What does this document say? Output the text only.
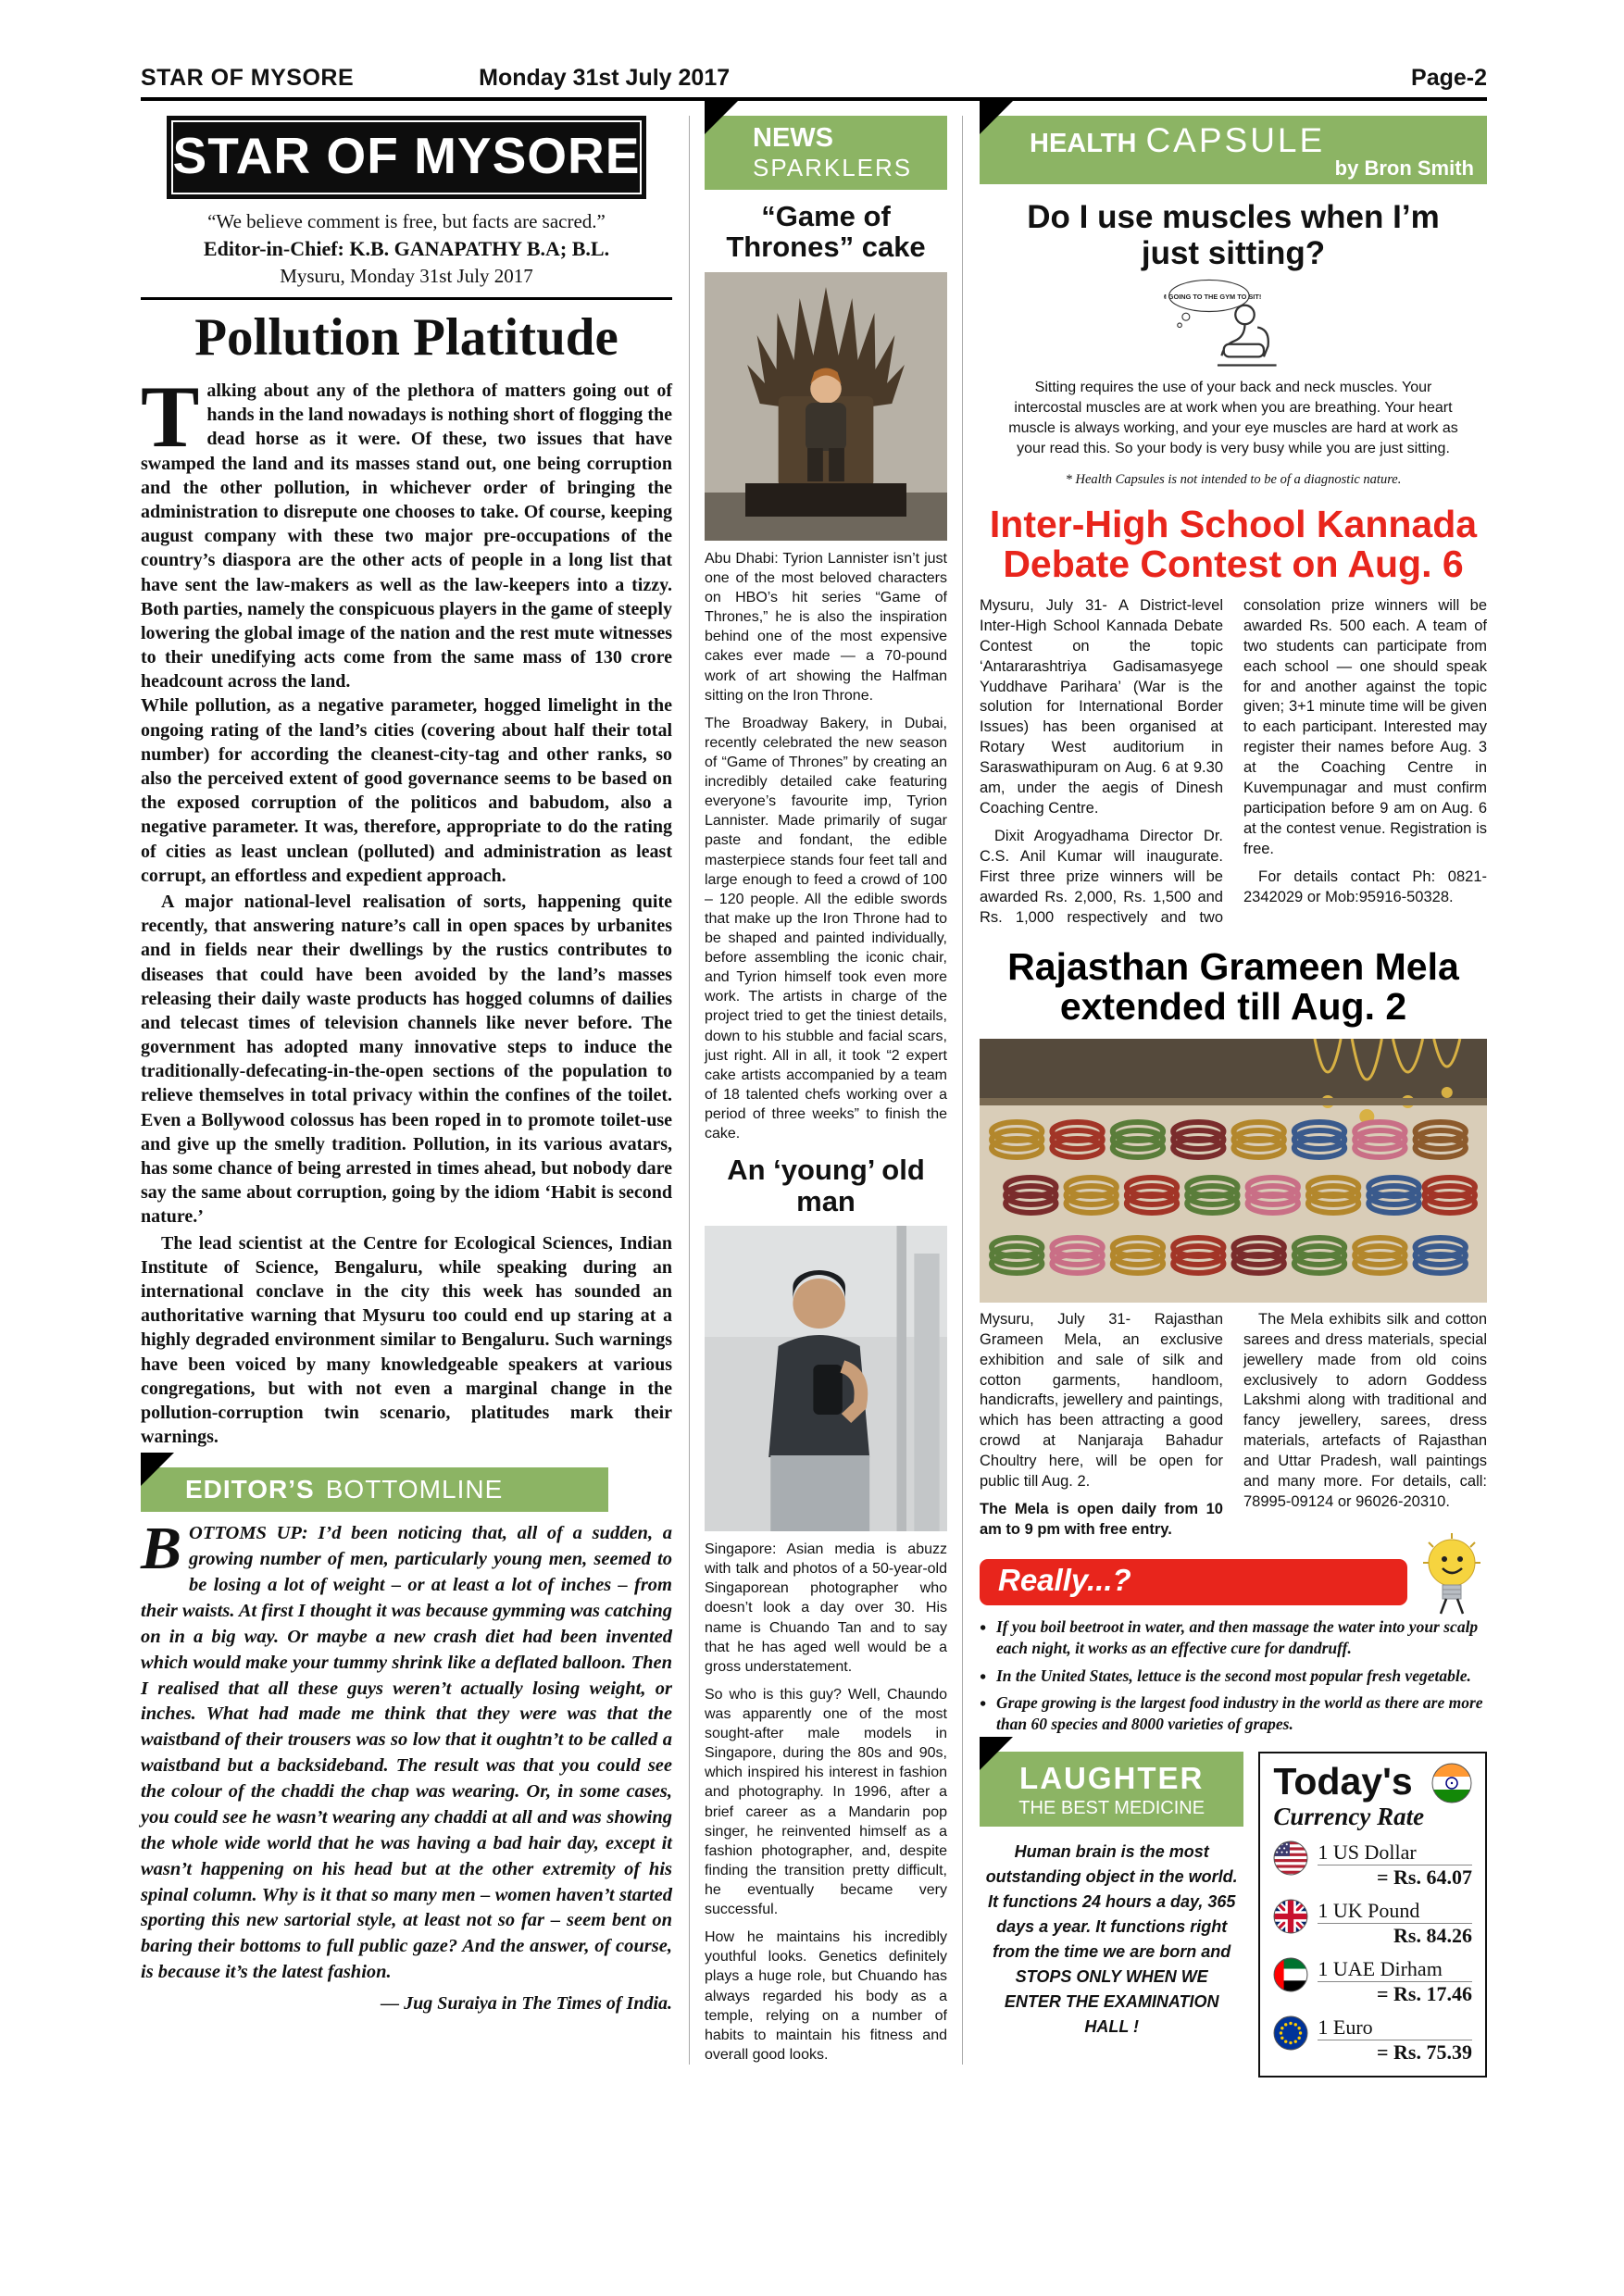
STAR OF MYSORE	Monday 31st July 2017	Page-2
STAR OF MYSORE
“We believe comment is free, but facts are sacred.”
Editor-in-Chief: K.B. GANAPATHY B.A; B.L.
Mysuru, Monday 31st July 2017
Pollution Platitude

Talking about any of the plethora of matters going out of hands in the land nowadays is nothing short of flogging the dead horse as it were. Of these, two issues that have swamped the land and its masses stand out, one being corruption and the other pollution, in whichever order of bringing the administration to disrepute one chooses to take. Of course, keeping august company with these two major pre-occupations of the country’s diaspora are the other acts of people in a long list that have sent the law-makers as well as the law-keepers into a tizzy. Both parties, namely the conspicuous players in the game of steeply lowering the global image of the nation and the rest mute witnesses to their unedifying acts come from the same mass of 130 crore headcount across the land.

While pollution, as a negative parameter, hogged limelight in the ongoing rating of the land’s cities (covering about half their total number) for according the cleanest-city-tag and other ranks, so also the perceived extent of good governance seems to be based on the exposed corruption of the politicos and babudom, also a negative parameter. It was, therefore, appropriate to do the rating of cities as least unclean (polluted) and administration as least corrupt, an effortless and expedient approach.

A major national-level realisation of sorts, happening quite recently, that answering nature’s call in open spaces by urbanites and in fields near their dwellings by the rustics contributes to diseases that could have been avoided by the land’s masses releasing their daily waste products has hogged columns of dailies and telecast times of television channels like never before. The government has adopted many innovative steps to induce the traditionally-defecating-in-the-open sections of the population to relieve themselves in total privacy within the confines of the toilet. Even a Bollywood colossus has been roped in to promote toilet-use and give up the smelly tradition. Pollution, in its various avatars, has some chance of being arrested in times ahead, but nobody dare say the same about corruption, going by the idiom ‘Habit is second nature.’

The lead scientist at the Centre for Ecological Sciences, Indian Institute of Science, Bengaluru, while speaking during an international conclave in the city this week has sounded an authoritative warning that Mysuru too could end up staring at a highly degraded environment similar to Bengaluru. Such warnings have been voiced by many knowledgeable speakers at various congregations, but with not even a marginal change in the pollution-corruption twin scenario, platitudes mark their warnings.

EDITOR’S BOTTOMLINE

BOTTOMS UP: I’d been noticing that, all of a sudden, a growing number of men, particularly young men, seemed to be losing a lot of weight – or at least a lot of inches – from their waists. At first I thought it was because gymming was catching on in a big way. Or maybe a new crash diet had been invented which would make your tummy shrink like a deflated balloon. Then I realised that all these guys weren’t actually losing weight, or inches. What had made me think that they were was that the waistband of their trousers was so low that it oughtn’t to be called a waistband but a backsideband. The result was that you could see the colour of the chaddi the chap was wearing. Or, in some cases, you could see he wasn’t wearing any chaddi at all and was showing the whole wide world that he was having a bad hair day, except it wasn’t happening on his head but at the other extremity of his spinal column. Why is it that so many men – women haven’t started sporting this new sartorial style, at least not so far – seem bent on baring their bottoms to full public gaze? And the answer, of course, is because it’s the latest fashion.

— Jug Suraiya in The Times of India.
NEWS
SPARKLERS
“Game of Thrones” cake

Abu Dhabi: Tyrion Lannister isn’t just one of the most beloved characters on HBO’s hit series “Game of Thrones,” he is also the inspiration behind one of the most expensive cakes ever made — a 70-pound work of art showing the Halfman sitting on the Iron Throne.

The Broadway Bakery, in Dubai, recently celebrated the new season of “Game of Thrones” by creating an incredibly detailed cake featuring everyone’s favourite imp, Tyrion Lannister. Made primarily of sugar paste and fondant, the edible masterpiece stands four feet tall and large enough to feed a crowd of 100 – 120 people. All the edible swords that make up the Iron Throne had to be shaped and painted individually, before assembling the iconic chair, and Tyrion himself took even more work. The artists in charge of the project tried to get the tiniest details, down to his stubble and facial scars, just right. All in all, it took “2 expert cake artists accompanied by a team of 18 talented chefs working over a period of three weeks” to finish the cake.

An ‘young’ old man

Singapore: Asian media is abuzz with talk and photos of a 50-year-old Singaporean photographer who doesn’t look a day over 30. His name is Chuando Tan and to say that he has aged well would be a gross understatement.

So who is this guy? Well, Chaundo was apparently one of the most sought-after male models in Singapore, during the 80s and 90s, which inspired his interest in fashion and photography. In 1996, after a brief career as a Mandarin pop singer, he reinvented himself as a fashion photographer, and, despite finding the transition pretty difficult, he eventually became very successful.

How he maintains his incredibly youthful looks. Genetics definitely plays a huge role, but Chuando has always regarded his body as a temple, relying on a number of habits to maintain his fitness and overall good looks.

HEALTH CAPSULE
by Bron Smith
Do I use muscles when I’m just sitting?
I’M GOING TO THE GYM TO SIT!

Sitting requires the use of your back and neck muscles. Your intercostal muscles are at work when you are breathing. Your heart muscle is always working, and your eye muscles are hard at work as your read this. So your body is very busy while you are just sitting.

* Health Capsules is not intended to be of a diagnostic nature.

Inter-High School Kannada Debate Contest on Aug. 6

Mysuru, July 31- A District-level Inter-High School Kannada Debate Contest on the topic ‘Antararashtriya Gadisamasyege Yuddhave Parihara’ (War is the solution for International Border Issues) has been organised at Rotary West auditorium in Saraswathipuram on Aug. 6 at 9.30 am, under the aegis of Dinesh Coaching Centre.

Dixit Arogyadhama Director Dr. C.S. Anil Kumar will inaugurate. First three prize winners will be awarded Rs. 2,000, Rs. 1,500 and Rs. 1,000 respectively and two consolation prize winners will be awarded Rs. 500 each. A team of two students can participate from each school — one should speak for and another against the topic given; 3+1 minute time will be given to each participant. Interested may register their names before Aug. 3 at the Coaching Centre in Kuvempunagar and must confirm participation before 9 am on Aug. 6 at the contest venue. Registration is free.

For details contact Ph: 0821-2342029 or Mob:95916-50328.

Rajasthan Grameen Mela extended till Aug. 2

Mysuru, July 31- Rajasthan Grameen Mela, an exclusive exhibition and sale of silk and cotton garments, handloom, handicrafts, jewellery and paintings, which has been attracting a good crowd at Nanjaraja Bahadur Choultry here, will be open for public till Aug. 2.

The Mela is open daily from 10 am to 9 pm with free entry.

The Mela exhibits silk and cotton sarees and dress materials, special jewellery made from old coins exclusively to adorn Goddess Lakshmi along with traditional and fancy jewellery, sarees, dress materials, artefacts of Rajasthan and Uttar Pradesh, wall paintings and many more. For details, call: 78995-09124 or 96026-20310.

Really...?
• If you boil beetroot in water, and then massage the water into your scalp each night, it works as an effective cure for dandruff.
• In the United States, lettuce is the second most popular fresh vegetable.
• Grape growing is the largest food industry in the world as there are more than 60 species and 8000 varieties of grapes.
LAUGHTER
THE BEST MEDICINE
Human brain is the most outstanding object in the world. It functions 24 hours a day, 365 days a year. It functions right from the time we are born and STOPS ONLY WHEN WE ENTER THE EXAMINATION HALL !
Today's
Currency Rate
1 US Dollar
= Rs. 64.07
1 UK Pound
Rs. 84.26
1 UAE Dirham
= Rs. 17.46
1 Euro
= Rs. 75.39
